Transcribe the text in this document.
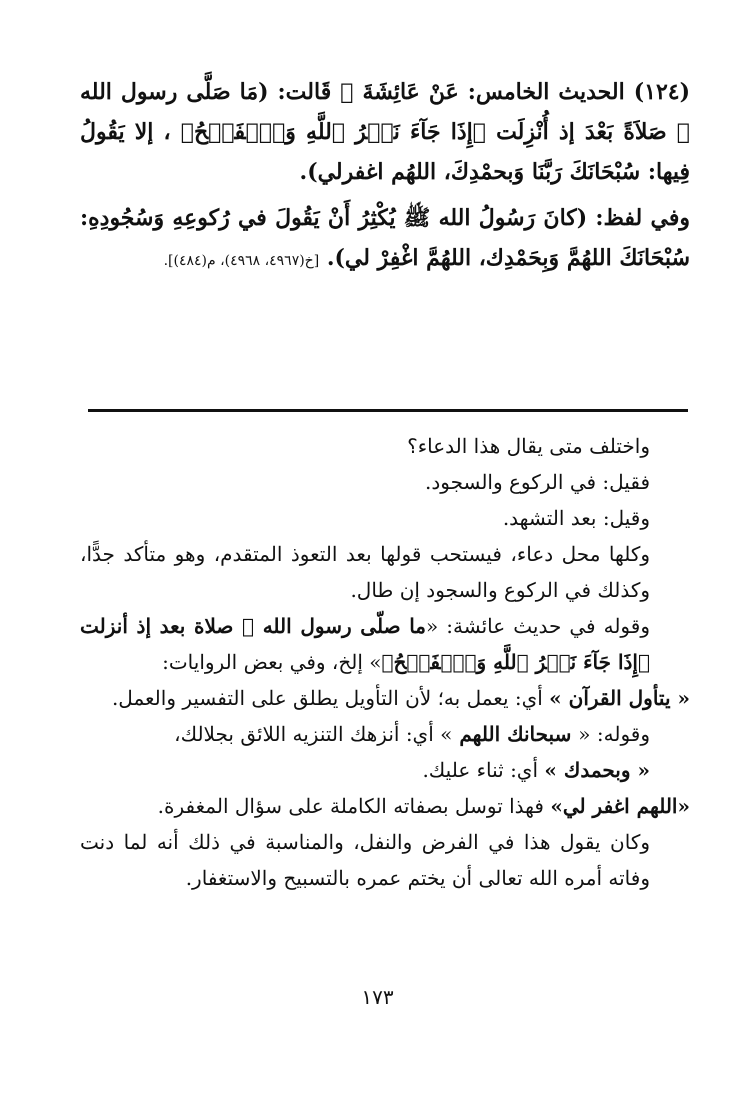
(١٢٤) الحديث الخامس: عَنْ عَائِشَةَ ﵂ قَالت: (مَا صَلَّى رسول الله ﷺ صَلاَةً بَعْدَ إذ أُنْزِلَت ﴿إِذَا جَآءَ نَصۡرُ ٱللَّهِ وَٱلۡفَتۡحُ﴾ ، إلا يَقُولُ فِيها: سُبْحَانَكَ رَبَّنَا وَبحمْدِكَ، اللهُم اغفرلي).

وفي لفظ: (كانَ رَسُولُ الله ﷺ يُكْثِرُ أَنْ يَقُولَ في رُكوعِهِ وَسُجُودِهِ: سُبْحَانَكَ اللهُمَّ وَبِحَمْدِك، اللهُمَّ اغْفِرْ لي). [خ(٤٩٦٧، ٤٩٦٨)، م(٤٨٤)].

واختلف متى يقال هذا الدعاء؟

فقيل: في الركوع والسجود.

وقيل: بعد التشهد.

وكلها محل دعاء، فيستحب قولها بعد التعوذ المتقدم، وهو متأكد جدًّا، وكذلك في الركوع والسجود إن طال.

وقوله في حديث عائشة: «ما صلّى رسول الله ﷺ صلاة بعد إذ أنزلت ﴿إِذَا جَآءَ نَصۡرُ ٱللَّهِ وَٱلۡفَتۡحُ﴾» إلخ، وفي بعض الروايات:

« يتأول القرآن » أي: يعمل به؛ لأن التأويل يطلق على التفسير والعمل.

وقوله: « سبحانك اللهم » أي: أنزهك التنزيه اللائق بجلالك،

« وبحمدك » أي: ثناء عليك.

«اللهم اغفر لي» فهذا توسل بصفاته الكاملة على سؤال المغفرة.

وكان يقول هذا في الفرض والنفل، والمناسبة في ذلك أنه لما دنت وفاته أمره الله تعالى أن يختم عمره بالتسبيح والاستغفار.

١٧٣
